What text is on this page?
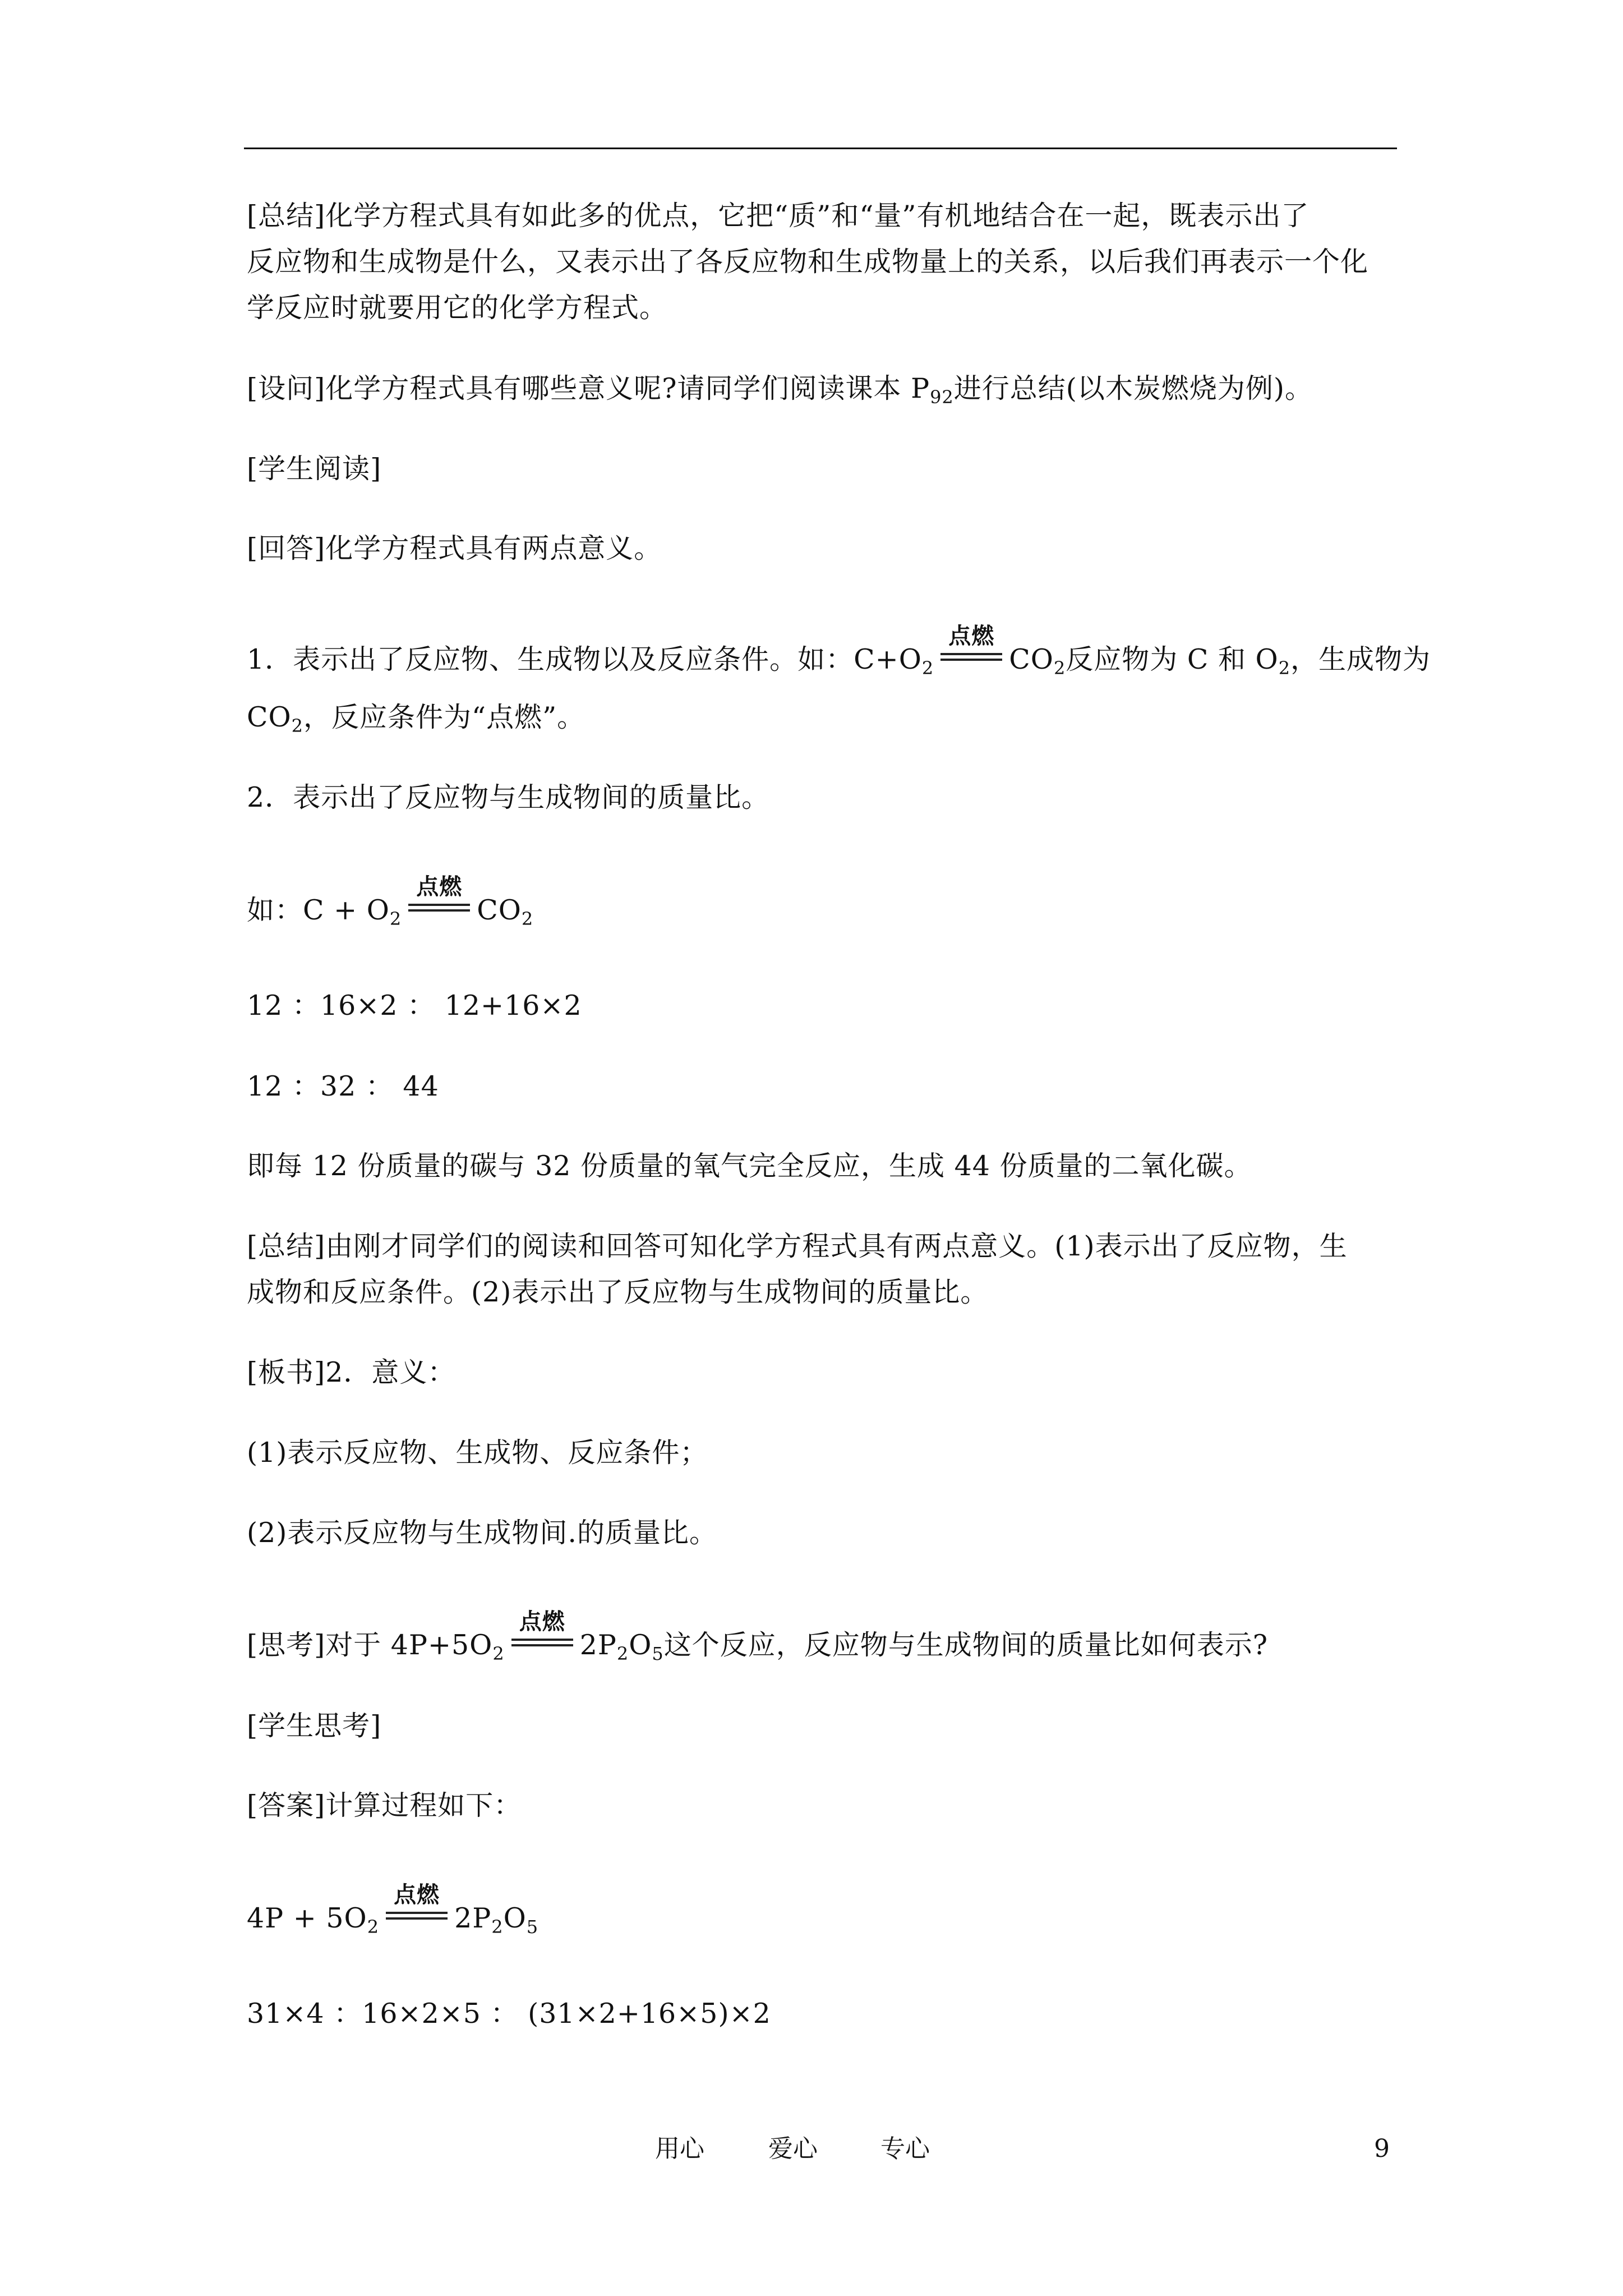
[总结]化学方程式具有如此多的优点，它把“质”和“量”有机地结合在一起，既表示出了
反应物和生成物是什么，又表示出了各反应物和生成物量上的关系，以后我们再表示一个化
学反应时就要用它的化学方程式。
[设问]化学方程式具有哪些意义呢?请同学们阅读课本 $P_{92}$进行总结(以木炭燃烧为例)。
[学生阅读]
[回答]化学方程式具有两点意义。
1．表示出了反应物、生成物以及反应条件。如：$C+O_2$
点燃
$CO_2$反应物为 C 和 $O_2$，生成物为
$CO_2$，反应条件为“点燃”。
2．表示出了反应物与生成物间的质量比。
如：$C + O_2$
点燃
$CO_2$
12 ：16×2 ： 12+16×2
12 ：32 ： 44
即每 12 份质量的碳与 32 份质量的氧气完全反应，生成 44 份质量的二氧化碳。
[总结]由刚才同学们的阅读和回答可知化学方程式具有两点意义。(1)表示出了反应物，生
成物和反应条件。(2)表示出了反应物与生成物间的质量比。
[板书]2．意义：
(1)表示反应物、生成物、反应条件；
(2)表示反应物与生成物间.的质量比。
[思考]对于 $4P+5O_2$
点燃
$2P_2O_5$这个反应，反应物与生成物间的质量比如何表示?
[学生思考]
[答案]计算过程如下：
$4P + 5O_2$
点燃
$2P_2O_5$
31×4 ：16×2×5 ： (31×2+16×5)×2
用心	爱心	专心	9
